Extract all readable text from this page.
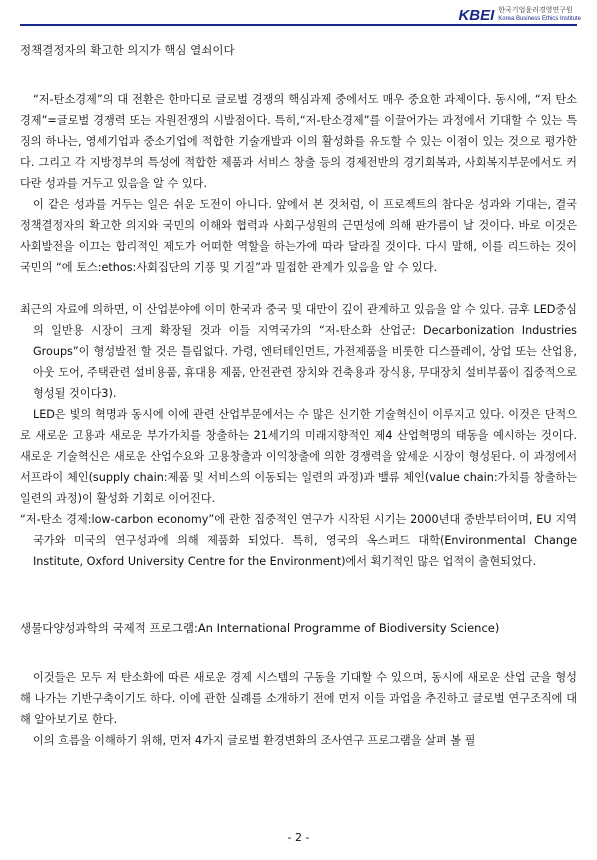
KBEI 한국기업윤리경영연구원
Korea Business Ethics Institute

정책결정자의 확고한 의지가 핵심 열쇠이다

“저-탄소경제”의 대 전환은 한마디로 글로벌 경쟁의 핵심과제 중에서도 매우 중요한 과제이다. 동시에, “저 탄소경제”=글로벌 경쟁력 또는 자원전쟁의 시발점이다. 특히,“저-탄소경제”를 이끌어가는 과정에서 기대할 수 있는 특징의 하나는, 영세기업과 중소기업에 적합한 기술개발과 이의 활성화를 유도할 수 있는 이점이 있는 것으로 평가한다. 그리고 각 지방정부의 특성에 적합한 제품과 서비스 창출 등의 경제전반의 경기회복과, 사회복지부문에서도 커다란 성과를 거두고 있음을 알 수 있다.

이 같은 성과를 거두는 일은 쉬운 도전이 아니다. 앞에서 본 것처럼, 이 프로젝트의 참다운 성과와 기대는, 결국 정책결정자의 확고한 의지와 국민의 이해와 협력과 사회구성원의 근면성에 의해 판가름이 날 것이다. 바로 이것은 사회발전을 이끄는 합리적인 제도가 어떠한 역할을 하는가에 따라 달라질 것이다. 다시 말해, 이를 리드하는 것이 국민의 “에 토스:ethos:사회집단의 기풍 및 기질”과 밀접한 관계가 있음을 알 수 있다.

최근의 자료에 의하면, 이 산업분야에 이미 한국과 중국 및 대만이 깊이 관계하고 있음을 알 수 있다. 금후 LED중심의 일반용 시장이 크게 확장될 것과 이들 지역국가의 “저-탄소화 산업군: Decarbonization Industries Groups”이 형성발전 할 것은 틀림없다. 가령, 엔터테인먼트, 가전제품을 비롯한 디스플레이, 상업 또는 산업용, 아웃 도어, 주택관련 설비용품, 휴대용 제품, 안전관련 장치와 건축용과 장식용, 무대장치 설비부품이 집중적으로 형성될 것이다3).

LED은 빛의 혁명과 동시에 이에 관련 산업부문에서는 수 많은 신기한 기술혁신이 이루지고 있다. 이것은 단적으로 새로운 고용과 새로운 부가가치를 창출하는 21세기의 미래지향적인 제4 산업혁명의 태동을 예시하는 것이다. 새로운 기술혁신은 새로운 산업수요와 고용창출과 이익창출에 의한 경쟁력을 앞세운 시장이 형성된다. 이 과정에서 서프라이 체인(supply chain:제품 및 서비스의 이동되는 일련의 과정)과 밸류 체인(value chain:가치를 창출하는 일련의 과정)이 활성화 기회로 이어진다.

“저-탄소 경제:low-carbon economy”에 관한 집중적인 연구가 시작된 시기는 2000년대 중반부터이며, EU 지역국가와 미국의 연구성과에 의해 제품화 되었다. 특히, 영국의 옥스퍼드 대학(Environmental Change Institute, Oxford University Centre for the Environment)에서 획기적인 많은 업적이 출현되었다.

생물다양성과학의 국제적 프로그램:An International Programme of Biodiversity Science)

이것들은 모두 저 탄소화에 따른 새로운 경제 시스템의 구동을 기대할 수 있으며, 동시에 새로운 산업 군을 형성해 나가는 기반구축이기도 하다. 이에 관한 실례를 소개하기 전에 먼저 이들 과업을 추진하고 글로벌 연구조직에 대해 알아보기로 한다.

이의 흐름을 이해하기 위해, 먼저 4가지 글로벌 환경변화의 조사연구 프로그램을 살펴 볼 필

- 2 -
